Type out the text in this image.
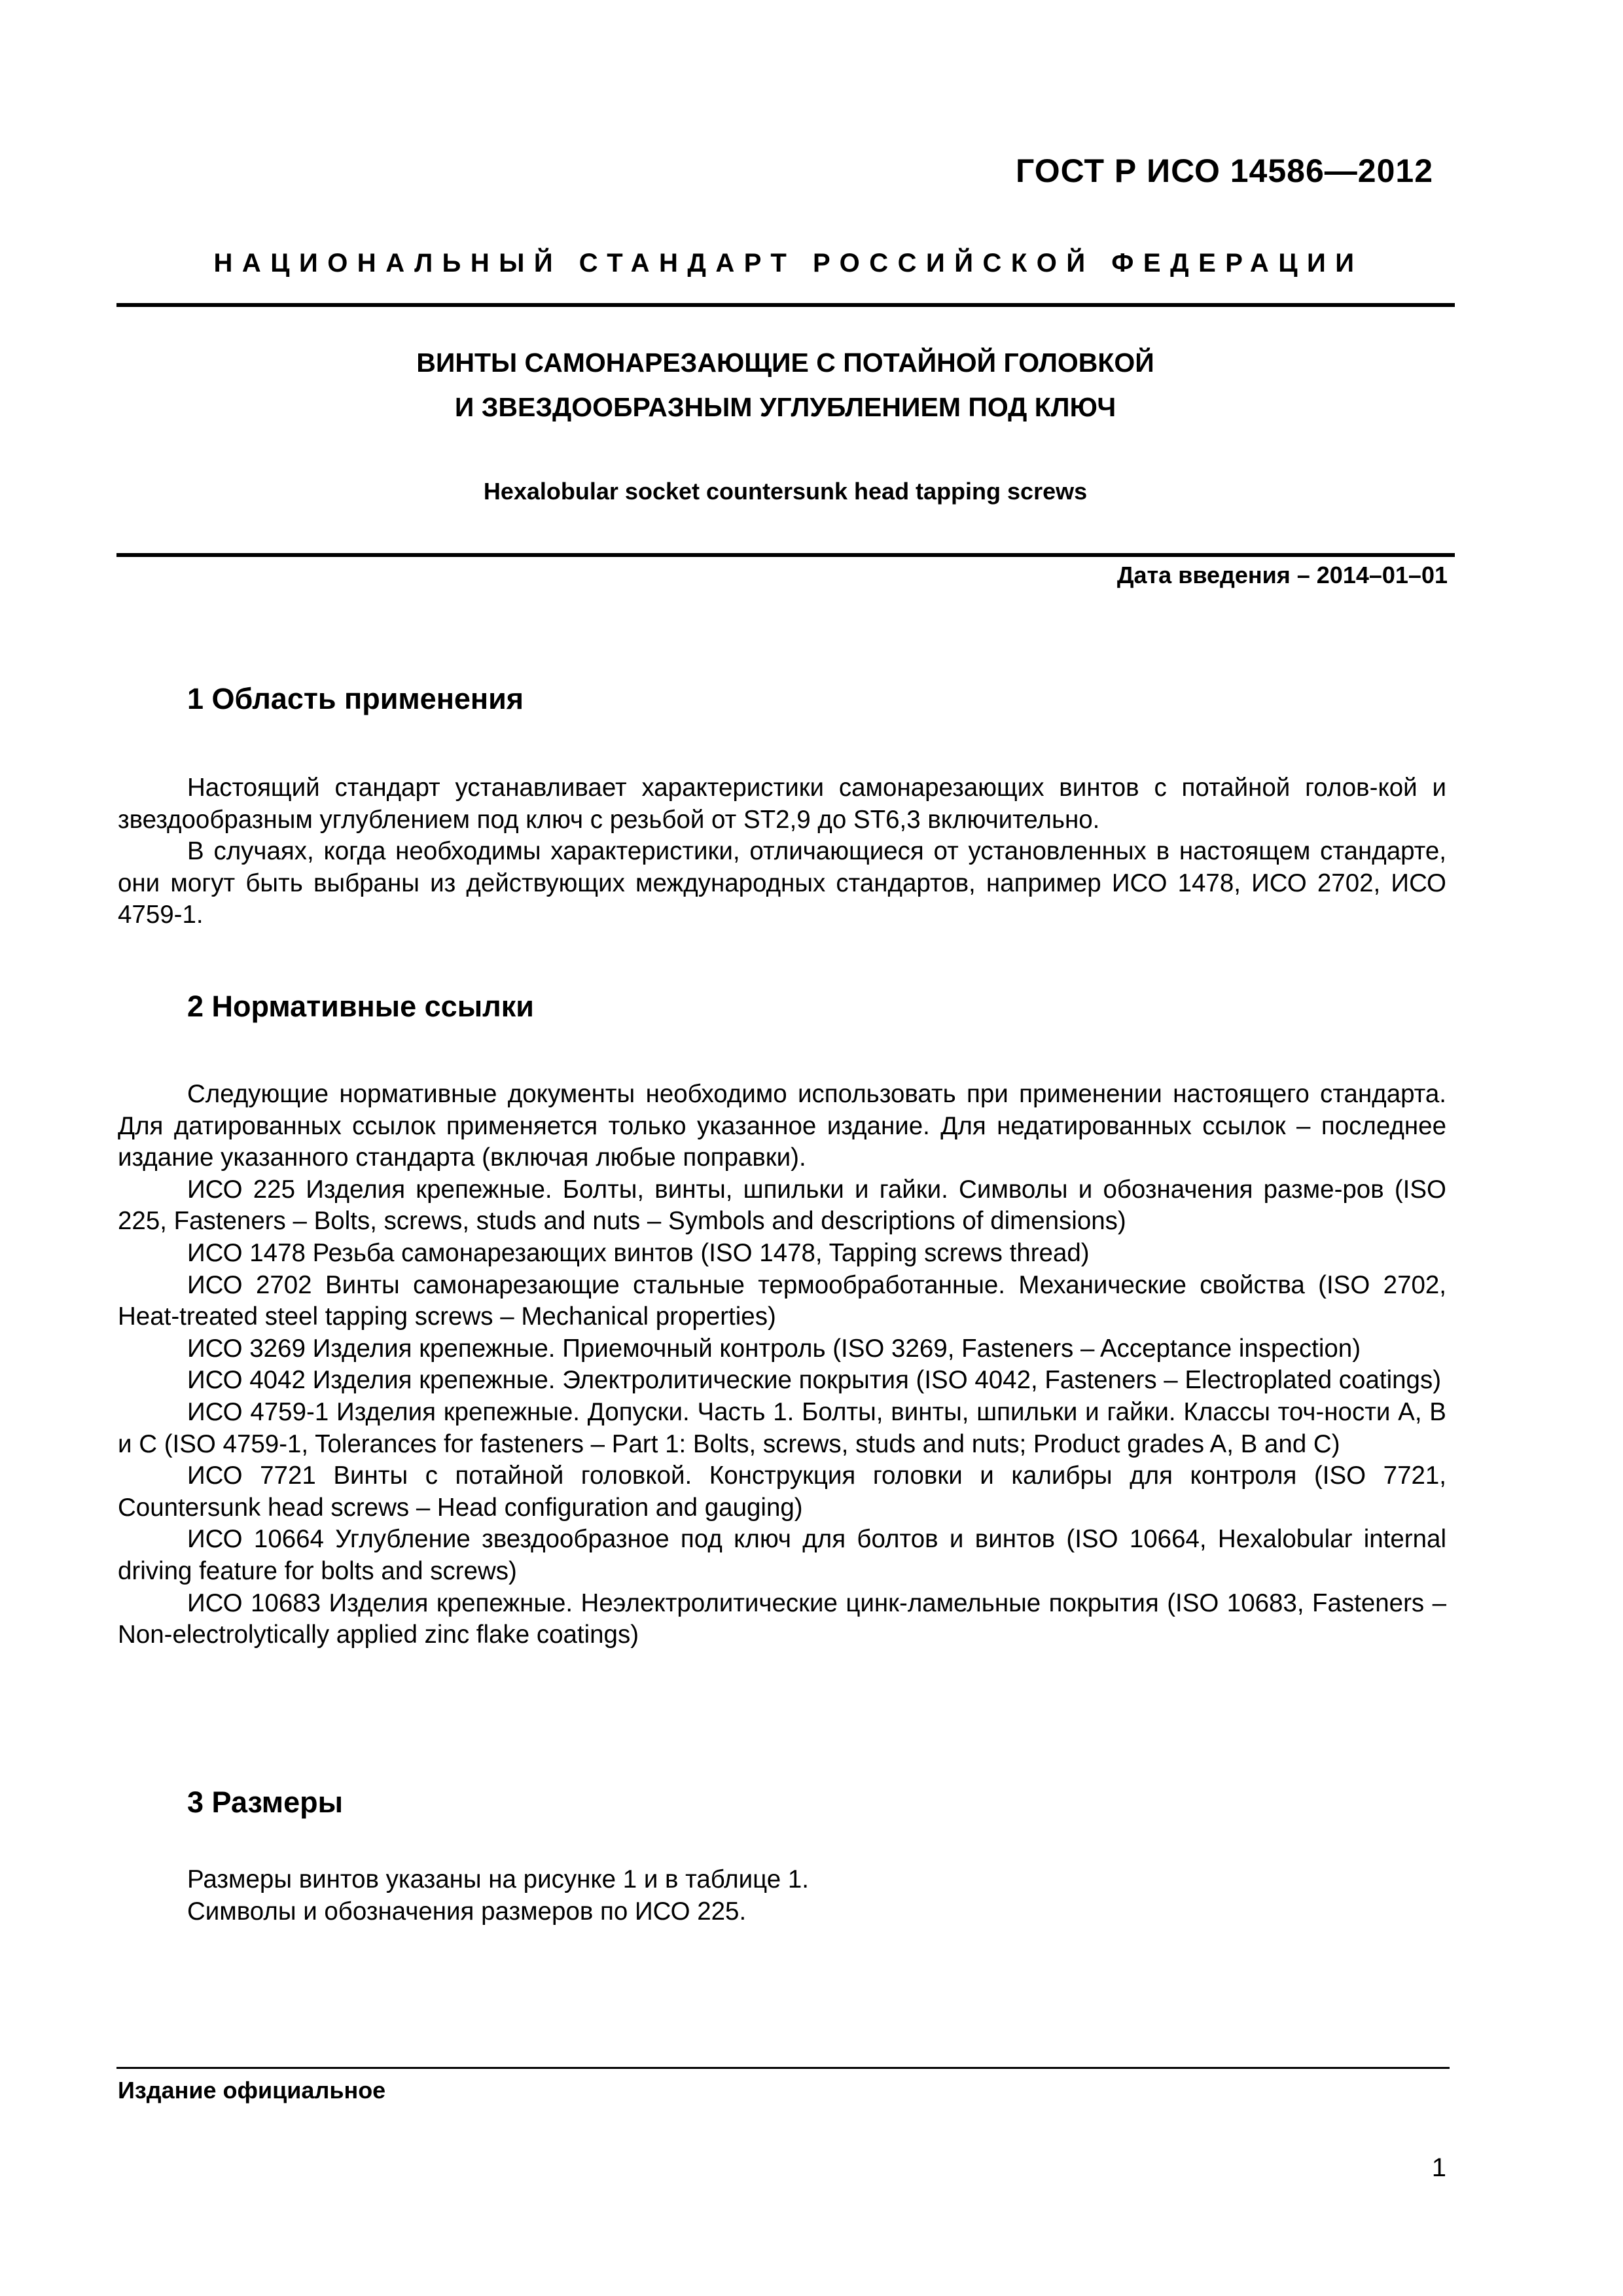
ГОСТ Р ИСО 14586—2012
НАЦИОНАЛЬНЫЙ СТАНДАРТ РОССИЙСКОЙ ФЕДЕРАЦИИ
ВИНТЫ САМОНАРЕЗАЮЩИЕ С ПОТАЙНОЙ ГОЛОВКОЙ
И ЗВЕЗДООБРАЗНЫМ УГЛУБЛЕНИЕМ ПОД КЛЮЧ
Hexalobular socket countersunk head tapping screws
Дата введения – 2014–01–01
1 Область применения

Настоящий стандарт устанавливает характеристики самонарезающих винтов с потайной голов-кой и звездообразным углублением под ключ с резьбой от ST2,9 до ST6,3 включительно.

В случаях, когда необходимы характеристики, отличающиеся от установленных в настоящем стандарте, они могут быть выбраны из действующих международных стандартов, например ИСО 1478, ИСО 2702, ИСО 4759-1.

2 Нормативные ссылки

Следующие нормативные документы необходимо использовать при применении настоящего стандарта. Для датированных ссылок применяется только указанное издание. Для недатированных ссылок – последнее издание указанного стандарта (включая любые поправки).

ИСО 225 Изделия крепежные. Болты, винты, шпильки и гайки. Символы и обозначения разме-ров (ISO 225, Fasteners – Bolts, screws, studs and nuts – Symbols and descriptions of dimensions)

ИСО 1478 Резьба самонарезающих винтов (ISO 1478, Tapping screws thread)

ИСО 2702 Винты самонарезающие стальные термообработанные. Механические свойства (ISO 2702, Heat-treated steel tapping screws – Mechanical properties)

ИСО 3269 Изделия крепежные. Приемочный контроль (ISO 3269, Fasteners – Acceptance inspection)

ИСО 4042 Изделия крепежные. Электролитические покрытия (ISO 4042, Fasteners – Electroplated coatings)

ИСО 4759-1 Изделия крепежные. Допуски. Часть 1. Болты, винты, шпильки и гайки. Классы точ-ности А, В и С (ISO 4759-1, Tolerances for fasteners – Part 1: Bolts, screws, studs and nuts; Product grades A, B and C)

ИСО 7721 Винты с потайной головкой. Конструкция головки и калибры для контроля (ISO 7721, Countersunk head screws – Head configuration and gauging)

ИСО 10664 Углубление звездообразное под ключ для болтов и винтов (ISO 10664, Hexalobular internal driving feature for bolts and screws)

ИСО 10683 Изделия крепежные. Неэлектролитические цинк-ламельные покрытия (ISO 10683, Fasteners – Non-electrolytically applied zinc flake coatings)

3 Размеры

Размеры винтов указаны на рисунке 1 и в таблице 1.

Символы и обозначения размеров по ИСО 225.

Издание официальное
1
